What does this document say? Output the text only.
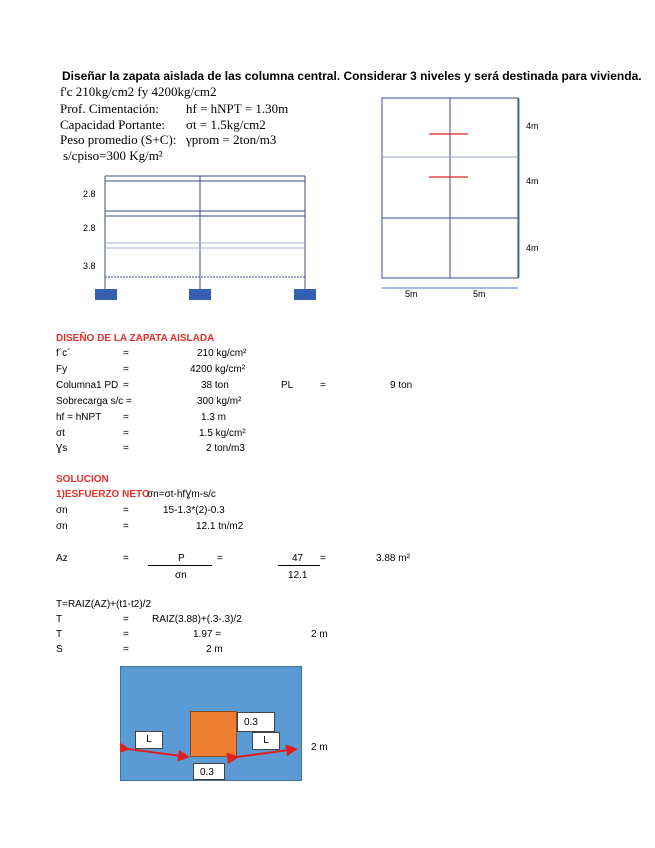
Diseñar la zapata aislada de las columna central. Considerar 3 niveles y será destinada para vivienda.
f'c 210kg/cm2 fy 4200kg/cm2
Prof. Cimentación: hf = hNPT = 1.30m
Capacidad Portante: σt = 1.5kg/cm2
Peso promedio (S+C): γprom = 2ton/m3
s/cpiso=300 Kg/m²
2.8
2.8
3.8
4m
4m
4m
5m	5m
DISEÑO DE LA ZAPATA AISLADA
f´c´	=	210 kg/cm²
Fy	=	4200 kg/cm²
Columna1 PD =	38 ton	PL	=	9 ton
Sobrecarga s/c =	300 kg/m²
hf = hNPT =	1.3 m
σt	=	1.5 kg/cm²
Ɣs	=	2 ton/m3
SOLUCION
1)ESFUERZO NETO
σn=σt-hfƔm-s/c
σn	=	15-1.3*(2)-0.3
σn	=	12.1 tn/m2
Az	=	P
σn
=	47
12.1
=	3.88 m²
T=RAIZ(AZ)+(t1-t2)/2
T	= RAIZ(3.88)+(.3-.3)/2
T	=	1.97 =	2 m
S	=	2 m
0.3
L	L
0.3
2 m
